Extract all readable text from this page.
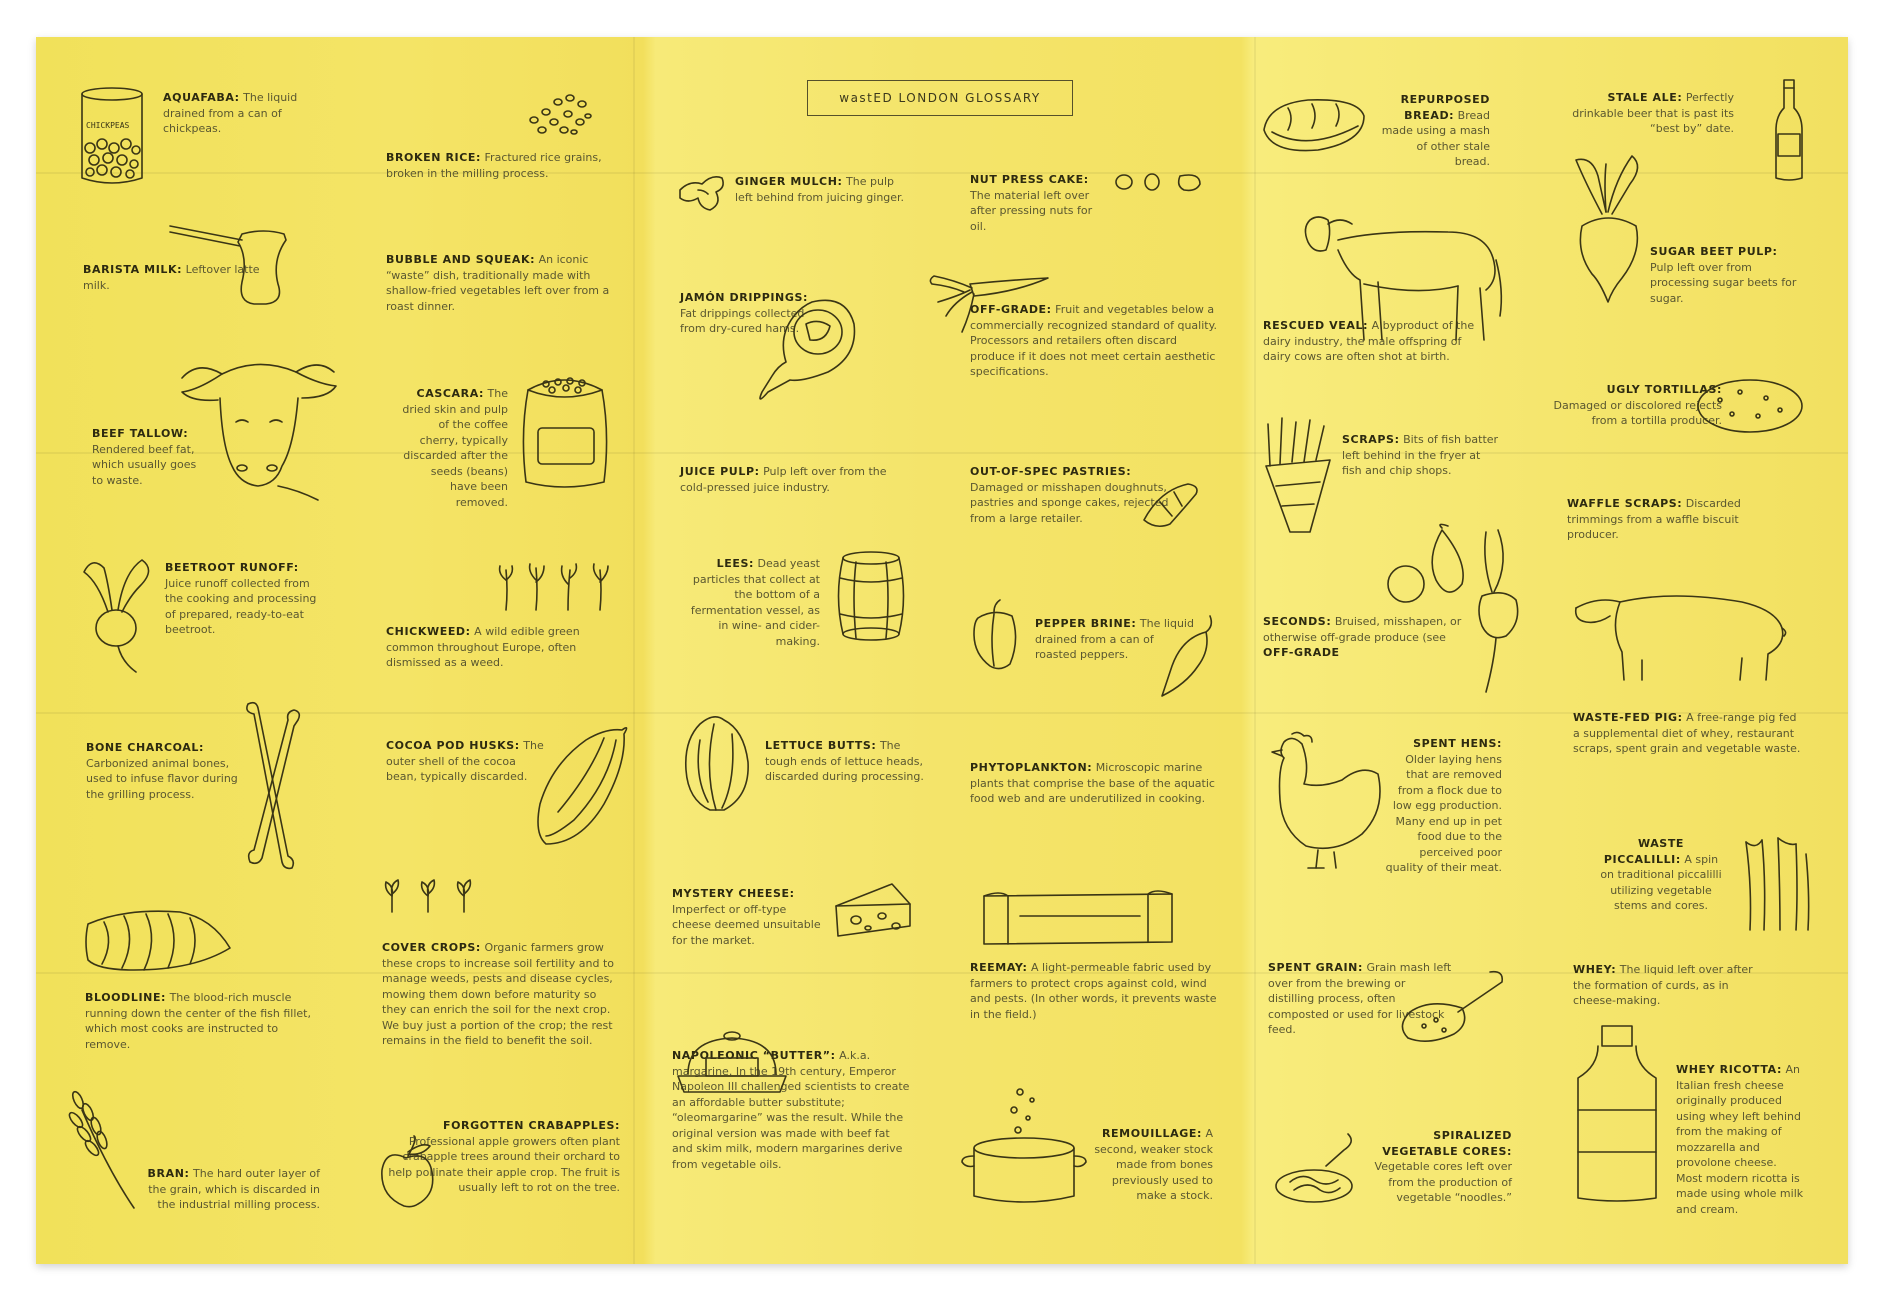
wastED LONDON GLOSSARY
AQUAFABA: The liquid drained from a can of chickpeas.
BROKEN RICE: Fractured rice grains, broken in the milling process.
BARISTA MILK: Leftover latte milk.
BUBBLE AND SQUEAK: An iconic “waste” dish, traditionally made with shallow-fried vegetables left over from a roast dinner.
BEEF TALLOW: Rendered beef fat, which usually goes to waste.
CASCARA: The dried skin and pulp of the coffee cherry, typically discarded after the seeds (beans) have been removed.
BEETROOT RUNOFF: Juice runoff collected from the cooking and processing of prepared, ready-to-eat beetroot.	CHICKWEED: A wild edible green common throughout Europe, often dismissed as a weed.
BONE CHARCOAL: Carbonized animal bones, used to infuse flavor during the grilling process.
COCOA POD HUSKS: The outer shell of the cocoa bean, typically discarded.
BLOODLINE: The blood-rich muscle running down the center of the fish fillet, which most cooks are instructed to remove.
COVER CROPS: Organic farmers grow these crops to increase soil fertility and to manage weeds, pests and disease cycles, mowing them down before maturity so they can enrich the soil for the next crop. We buy just a portion of the crop; the rest remains in the field to benefit the soil.
BRAN: The hard outer layer of the grain, which is discarded in the industrial milling process.
FORGOTTEN CRABAPPLES: Professional apple growers often plant crabapple trees around their orchard to help pollinate their apple crop. The fruit is usually left to rot on the tree.
GINGER MULCH: The pulp left behind from juicing ginger.
NUT PRESS CAKE: The material left over after pressing nuts for oil.
JAMÓN DRIPPINGS: Fat drippings collected from dry-cured hams.
OFF-GRADE: Fruit and vegetables below a commercially recognized standard of quality. Processors and retailers often discard produce if it does not meet certain aesthetic specifications.
JUICE PULP: Pulp left over from the cold-pressed juice industry.
OUT-OF-SPEC PASTRIES: Damaged or misshapen doughnuts, pastries and sponge cakes, rejected from a large retailer.
LEES: Dead yeast particles that collect at the bottom of a fermentation vessel, as in wine- and cider-making.
PEPPER BRINE: The liquid drained from a can of roasted peppers.
LETTUCE BUTTS: The tough ends of lettuce heads, discarded during processing.
PHYTOPLANKTON: Microscopic marine plants that comprise the base of the aquatic food web and are underutilized in cooking.
MYSTERY CHEESE: Imperfect or off-type cheese deemed unsuitable for the market.
REEMAY: A light-permeable fabric used by farmers to protect crops against cold, wind and pests. (In other words, it prevents waste in the field.)
NAPOLEONIC “BUTTER”: A.k.a. margarine. In the 19th century, Emperor Napoleon III challenged scientists to create an affordable butter substitute; “oleomargarine” was the result. While the original version was made with beef fat and skim milk, modern margarines derive from vegetable oils.
REMOUILLAGE: A second, weaker stock made from bones previously used to make a stock.
REPURPOSED BREAD: Bread made using a mash of other stale bread.
STALE ALE: Perfectly drinkable beer that is past its “best by” date.
SUGAR BEET PULP: Pulp left over from processing sugar beets for sugar.
RESCUED VEAL: A byproduct of the dairy industry, the male offspring of dairy cows are often shot at birth.
UGLY TORTILLAS: Damaged or discolored rejects from a tortilla producer.
SCRAPS: Bits of fish batter left behind in the fryer at fish and chip shops.
WAFFLE SCRAPS: Discarded trimmings from a waffle biscuit producer.
SECONDS: Bruised, misshapen, or otherwise off-grade produce (see OFF-GRADE
WASTE-FED PIG: A free-range pig fed a supplemental diet of whey, restaurant scraps, spent grain and vegetable waste.
SPENT HENS: Older laying hens that are removed from a flock due to low egg production. Many end up in pet food due to the perceived poor quality of their meat.
WASTE PICCALILLI: A spin on traditional piccalilli utilizing vegetable stems and cores.
SPENT GRAIN: Grain mash left over from the brewing or distilling process, often composted or used for livestock feed.
WHEY: The liquid left over after the formation of curds, as in cheese-making.
WHEY RICOTTA: An Italian fresh cheese originally produced using whey left behind from the making of mozzarella and provolone cheese. Most modern ricotta is made using whole milk and cream.
SPIRALIZED VEGETABLE CORES: Vegetable cores left over from the production of vegetable “noodles.”
CHICKPEAS
